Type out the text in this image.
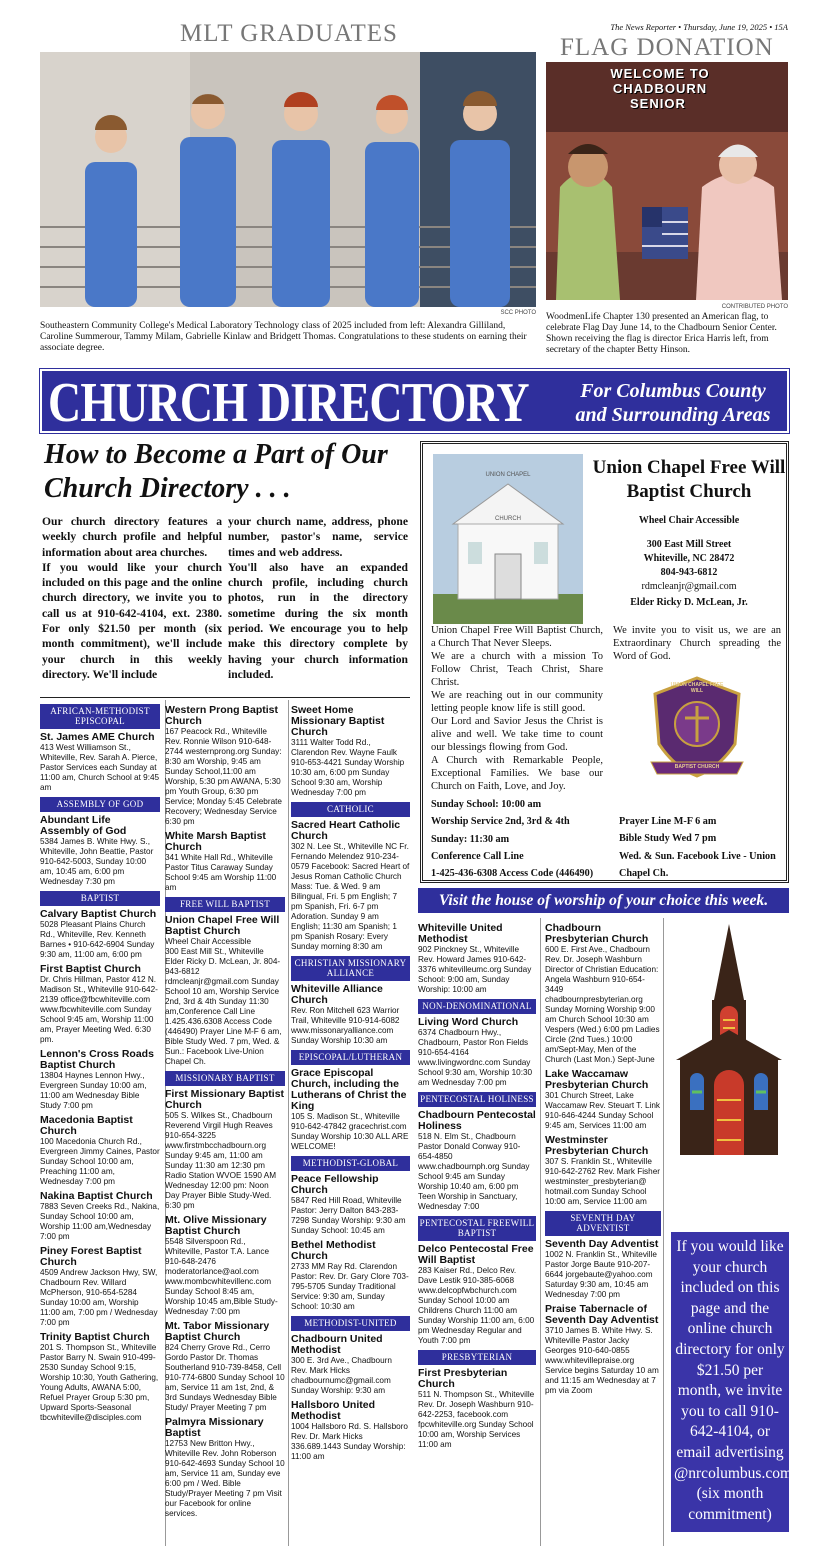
MLT GRADUATES	The News Reporter • Thursday, June 19, 2025 • 15A
FLAG DONATION
SCC PHOTO
Southeastern Community College's Medical Laboratory Technology class of 2025 included from left: Alexandra Gilliland, Caroline Summerour, Tammy Milam, Gabrielle Kinlaw and Bridgett Thomas. Congratulations to these students on earning their associate degree.
WELCOME TO
CHADBOURN
SENIOR
CONTRIBUTED PHOTO
WoodmenLife Chapter 130 presented an American flag, to celebrate Flag Day June 14, to the Chadbourn Senior Center. Shown receiving the flag is director Erica Harris left, from secretary of the chapter Betty Hinson.
CHURCH DIRECTORY	For Columbus County
and Surrounding Areas
How to Become a Part of Our
Church Directory . . .
Our church directory features a weekly church profile and helpful information about area churches.
If you would like your church included on this page and the online church directory, we invite you to call us at 910-642-4104, ext. 2380. For only $21.50 per month (six month commitment), we'll include your church in this weekly directory. We'll include
your church name, address, phone number, pastor's name, service times and web address.
You'll also have an expanded church profile, including church photos, run in the directory sometime during the six month period. We encourage you to help make this directory complete by having your church information included.
UNION CHAPEL
CHURCH
Union Chapel Free Will Baptist Church
Wheel Chair Accessible
300 East Mill Street
Whiteville, NC 28472
804-943-6812
rdmcleanjr@gmail.com
Elder Ricky D. McLean, Jr.
Union Chapel Free Will Baptist Church, a Church That Never Sleeps.
We are a church with a mission To Follow Christ, Teach Christ, Share Christ.
We are reaching out in our community letting people know life is still good.
Our Lord and Savior Jesus the Christ is alive and well. We take time to count our blessings flowing from God.
A Church with Remarkable People, Exceptional Families. We base our Church on Faith, Love, and Joy.
We invite you to visit us, we are an Extraordinary Church spreading the Word of God.
UNION CHAPEL FREE WILL
BAPTIST CHURCH
Sunday School: 10:00 am
Worship Service 2nd, 3rd & 4th
Sunday: 11:30 am
Conference Call Line
1-425-436-6308 Access Code (446490)
Prayer Line M-F 6 am
Bible Study Wed 7 pm
Wed. & Sun. Facebook Live - Union Chapel Ch.
Visit the house of worship of your choice this week.
AFRICAN-METHODIST EPISCOPAL
St. James AME Church
413 West Williamson St., Whiteville, Rev. Sarah A. Pierce, Pastor Services each Sunday at 11:00 am, Church School at 9:45 am
ASSEMBLY OF GOD
Abundant Life Assembly of God
5384 James B. White Hwy. S., Whiteville, John Beattie, Pastor 910-642-5003, Sunday 10:00 am, 10:45 am, 6:00 pm Wednesday 7:30 pm
BAPTIST
Calvary Baptist Church
5028 Pleasant Plains Church Rd., Whiteville, Rev. Kenneth Barnes • 910-642-6904 Sunday 9:30 am, 11:00 am, 6:00 pm
First Baptist Church
Dr. Chris Hillman, Pastor 412 N. Madison St., Whiteville 910-642-2139 office@fbcwhiteville.com www.fbcwhiteville.com Sunday School 9:45 am, Worship 11:00 am, Prayer Meeting Wed. 6:30 pm.
Lennon's Cross Roads Baptist Church
13804 Haynes Lennon Hwy., Evergreen Sunday 10:00 am, 11:00 am Wednesday Bible Study 7:00 pm
Macedonia Baptist Church
100 Macedonia Church Rd., Evergreen Jimmy Caines, Pastor Sunday School 10:00 am, Preaching 11:00 am, Wednesday 7:00 pm
Nakina Baptist Church
7883 Seven Creeks Rd., Nakina, Sunday School 10:00 am, Worship 11:00 am,Wednesday 7:00 pm
Piney Forest Baptist Church
4509 Andrew Jackson Hwy, SW, Chadbourn Rev. Willard McPherson, 910-654-5284 Sunday 10:00 am, Worship 11:00 am, 7:00 pm / Wednesday 7:00 pm
Trinity Baptist Church
201 S. Thompson St., Whiteville Pastor Barry N. Swain 910-499-2530 Sunday School 9:15, Worship 10:30, Youth Gathering, Young Adults, AWANA 5:00, Refuel Prayer Group 5:30 pm, Upward Sports-Seasonal tbcwhiteville@disciples.com
Western Prong Baptist Church
167 Peacock Rd., Whiteville Rev. Ronnie Wilson 910-648-2744 westernprong.org Sunday: 8:30 am Worship, 9:45 am Sunday School,11:00 am Worship, 5:30 pm AWANA, 5:30 pm Youth Group, 6:30 pm Service; Monday 5:45 Celebrate Recovery; Wednesday Service 6:30 pm
White Marsh Baptist Church
341 White Hall Rd., Whiteville Pastor Titus Caraway Sunday School 9:45 am Worship 11:00 am
FREE WILL BAPTIST
Union Chapel Free Will Baptist Church
Wheel Chair Accessible
300 East Mill St., Whiteville Elder Ricky D. McLean, Jr. 804-943-6812 rdmcleanjr@gmail.com Sunday School 10 am, Worship Service 2nd, 3rd & 4th Sunday 11:30 am,Conference Call Line 1.425.436.6308 Access Code (446490) Prayer Line M-F 6 am, Bible Study Wed. 7 pm, Wed. & Sun.: Facebook Live-Union Chapel Ch.
MISSIONARY BAPTIST
First Missionary Baptist Church
505 S. Wilkes St., Chadbourn Reverend Virgil Hugh Reaves 910-654-3225 www.firstmbcchadbourn.org Sunday 9:45 am, 11:00 am Sunday 11:30 am 12:30 pm Radio Station WVOE 1590 AM Wednesday 12:00 pm: Noon Day Prayer Bible Study-Wed. 6:30 pm
Mt. Olive Missionary Baptist Church
5548 Silverspoon Rd., Whiteville, Pastor T.A. Lance 910-648-2476 moderatorlance@aol.com www.mombcwhitevillenc.com Sunday School 8:45 am, Worship 10:45 am,Bible Study-Wednesday 7:00 pm
Mt. Tabor Missionary Baptist Church
824 Cherry Grove Rd., Cerro Gordo Pastor Dr. Thomas Southerland 910-739-8458, Cell 910-774-6800 Sunday School 10 am, Service 11 am 1st, 2nd, & 3rd Sundays Wednesday Bible Study/ Prayer Meeting 7 pm
Palmyra Missionary Baptist
12753 New Britton Hwy., Whiteville Rev. John Roberson 910-642-4693 Sunday School 10 am, Service 11 am, Sunday eve 6:00 pm / Wed. Bible Study/Prayer Meeting 7 pm Visit our Facebook for online services.
Sweet Home Missionary Baptist Church
3111 Walter Todd Rd., Clarendon Rev. Wayne Faulk 910-653-4421 Sunday Worship 10:30 am, 6:00 pm Sunday School 9:30 am, Worship Wednesday 7:00 pm
CATHOLIC
Sacred Heart Catholic Church
302 N. Lee St., Whiteville NC Fr. Fernando Melendez 910-234-0579 Facebook: Sacred Heart of Jesus Roman Catholic Church Mass: Tue. & Wed. 9 am Bilingual, Fri. 5 pm English; 7 pm Spanish, Fri. 6-7 pm Adoration. Sunday 9 am English; 11:30 am Spanish; 1 pm Spanish Rosary: Every Sunday morning 8:30 am
CHRISTIAN MISSIONARY ALLIANCE
Whiteville Alliance Church
Rev. Ron Mitchell 623 Warrior Trail, Whiteville 910-914-6082 www.missonaryalliance.com Sunday Worship 10:30 am
EPISCOPAL/LUTHERAN
Grace Episcopal Church, including the Lutherans of Christ the King
105 S. Madison St., Whiteville 910-642-47842 gracechrist.com Sunday Worship 10:30 ALL ARE WELCOME!
METHODIST-GLOBAL
Peace Fellowship Church
5847 Red Hill Road, Whiteville Pastor: Jerry Dalton 843-283-7298 Sunday Worship: 9:30 am Sunday School: 10:45 am
Bethel Methodist Church
2733 MM Ray Rd. Clarendon Pastor: Rev. Dr. Gary Clore 703-795-5705 Sunday Traditional Service: 9:30 am, Sunday School: 10:30 am
METHODIST-UNITED
Chadbourn United Methodist
300 E. 3rd Ave., Chadbourn Rev. Mark Hicks chadbournumc@gmail.com Sunday Worship: 9:30 am
Hallsboro United Methodist
1004 Hallsboro Rd. S. Hallsboro Rev. Dr. Mark Hicks 336.689.1443 Sunday Worship: 11:00 am
Whiteville United Methodist
902 Pinckney St., Whiteville Rev. Howard James 910-642-3376 whitevilleumc.org Sunday School: 9:00 am, Sunday Worship: 10:00 am
NON-DENOMINATIONAL
Living Word Church
6374 Chadbourn Hwy., Chadbourn, Pastor Ron Fields 910-654-4164 www.livingwordnc.com Sunday School 9:30 am, Worship 10:30 am Wednesday 7:00 pm
PENTECOSTAL HOLINESS
Chadbourn Pentecostal Holiness
518 N. Elm St., Chadbourn Pastor Donald Conway 910-654-4850 www.chadbournph.org Sunday School 9:45 am Sunday Worship 10:40 am, 6:00 pm Teen Worship in Sanctuary, Wednesday 7:00
PENTECOSTAL FREEWILL BAPTIST
Delco Pentecostal Free Will Baptist
283 Kaiser Rd., Delco Rev. Dave Lestik 910-385-6068 www.delcopfwbchurch.com Sunday School 10:00 am Childrens Church 11:00 am Sunday Worship 11:00 am, 6:00 pm Wednesday Regular and Youth 7:00 pm
PRESBYTERIAN
First Presbyterian Church
511 N. Thompson St., Whiteville Rev. Dr. Joseph Washburn 910-642-2253, facebook.com fpcwhiteville.org Sunday School 10:00 am, Worship Services 11:00 am
Chadbourn Presbyterian Church
600 E. First Ave., Chadbourn Rev. Dr. Joseph Washburn Director of Christian Education: Angela Washburn 910-654-3449 chadbournpresbyterian.org Sunday Morning Worship 9:00 am Church School 10:30 am Vespers (Wed.) 6:00 pm Ladies Circle (2nd Tues.) 10:00 am/Sept-May, Men of the Church (Last Mon.) Sept-June
Lake Waccamaw Presbyterian Church
301 Church Street, Lake Waccamaw Rev. Steuart T. Link 910-646-4244 Sunday School 9:45 am, Services 11:00 am
Westminster Presbyterian Church
307 S. Franklin St., Whiteville 910-642-2762 Rev. Mark Fisher westminster_presbyterian@ hotmail.com Sunday School 10:00 am, Service 11:00 am
SEVENTH DAY ADVENTIST
Seventh Day Adventist
1002 N. Franklin St., Whiteville Pastor Jorge Baute 910-207-6644 jorgebaute@yahoo.com Saturday 9:30 am, 10:45 am Wednesday 7:00 pm
Praise Tabernacle of Seventh Day Adventist
3710 James B. White Hwy. S. Whiteville Pastor Jacky Georges 910-640-0855 www.whitevillepraise.org Service begins Saturday 10 am and 11:15 am Wednesday at 7 pm via Zoom
If you would like your church included on this page and the online church directory for only $21.50 per month, we invite you to call 910-642-4104, or email advertising @nrcolumbus.com (six month commitment)
